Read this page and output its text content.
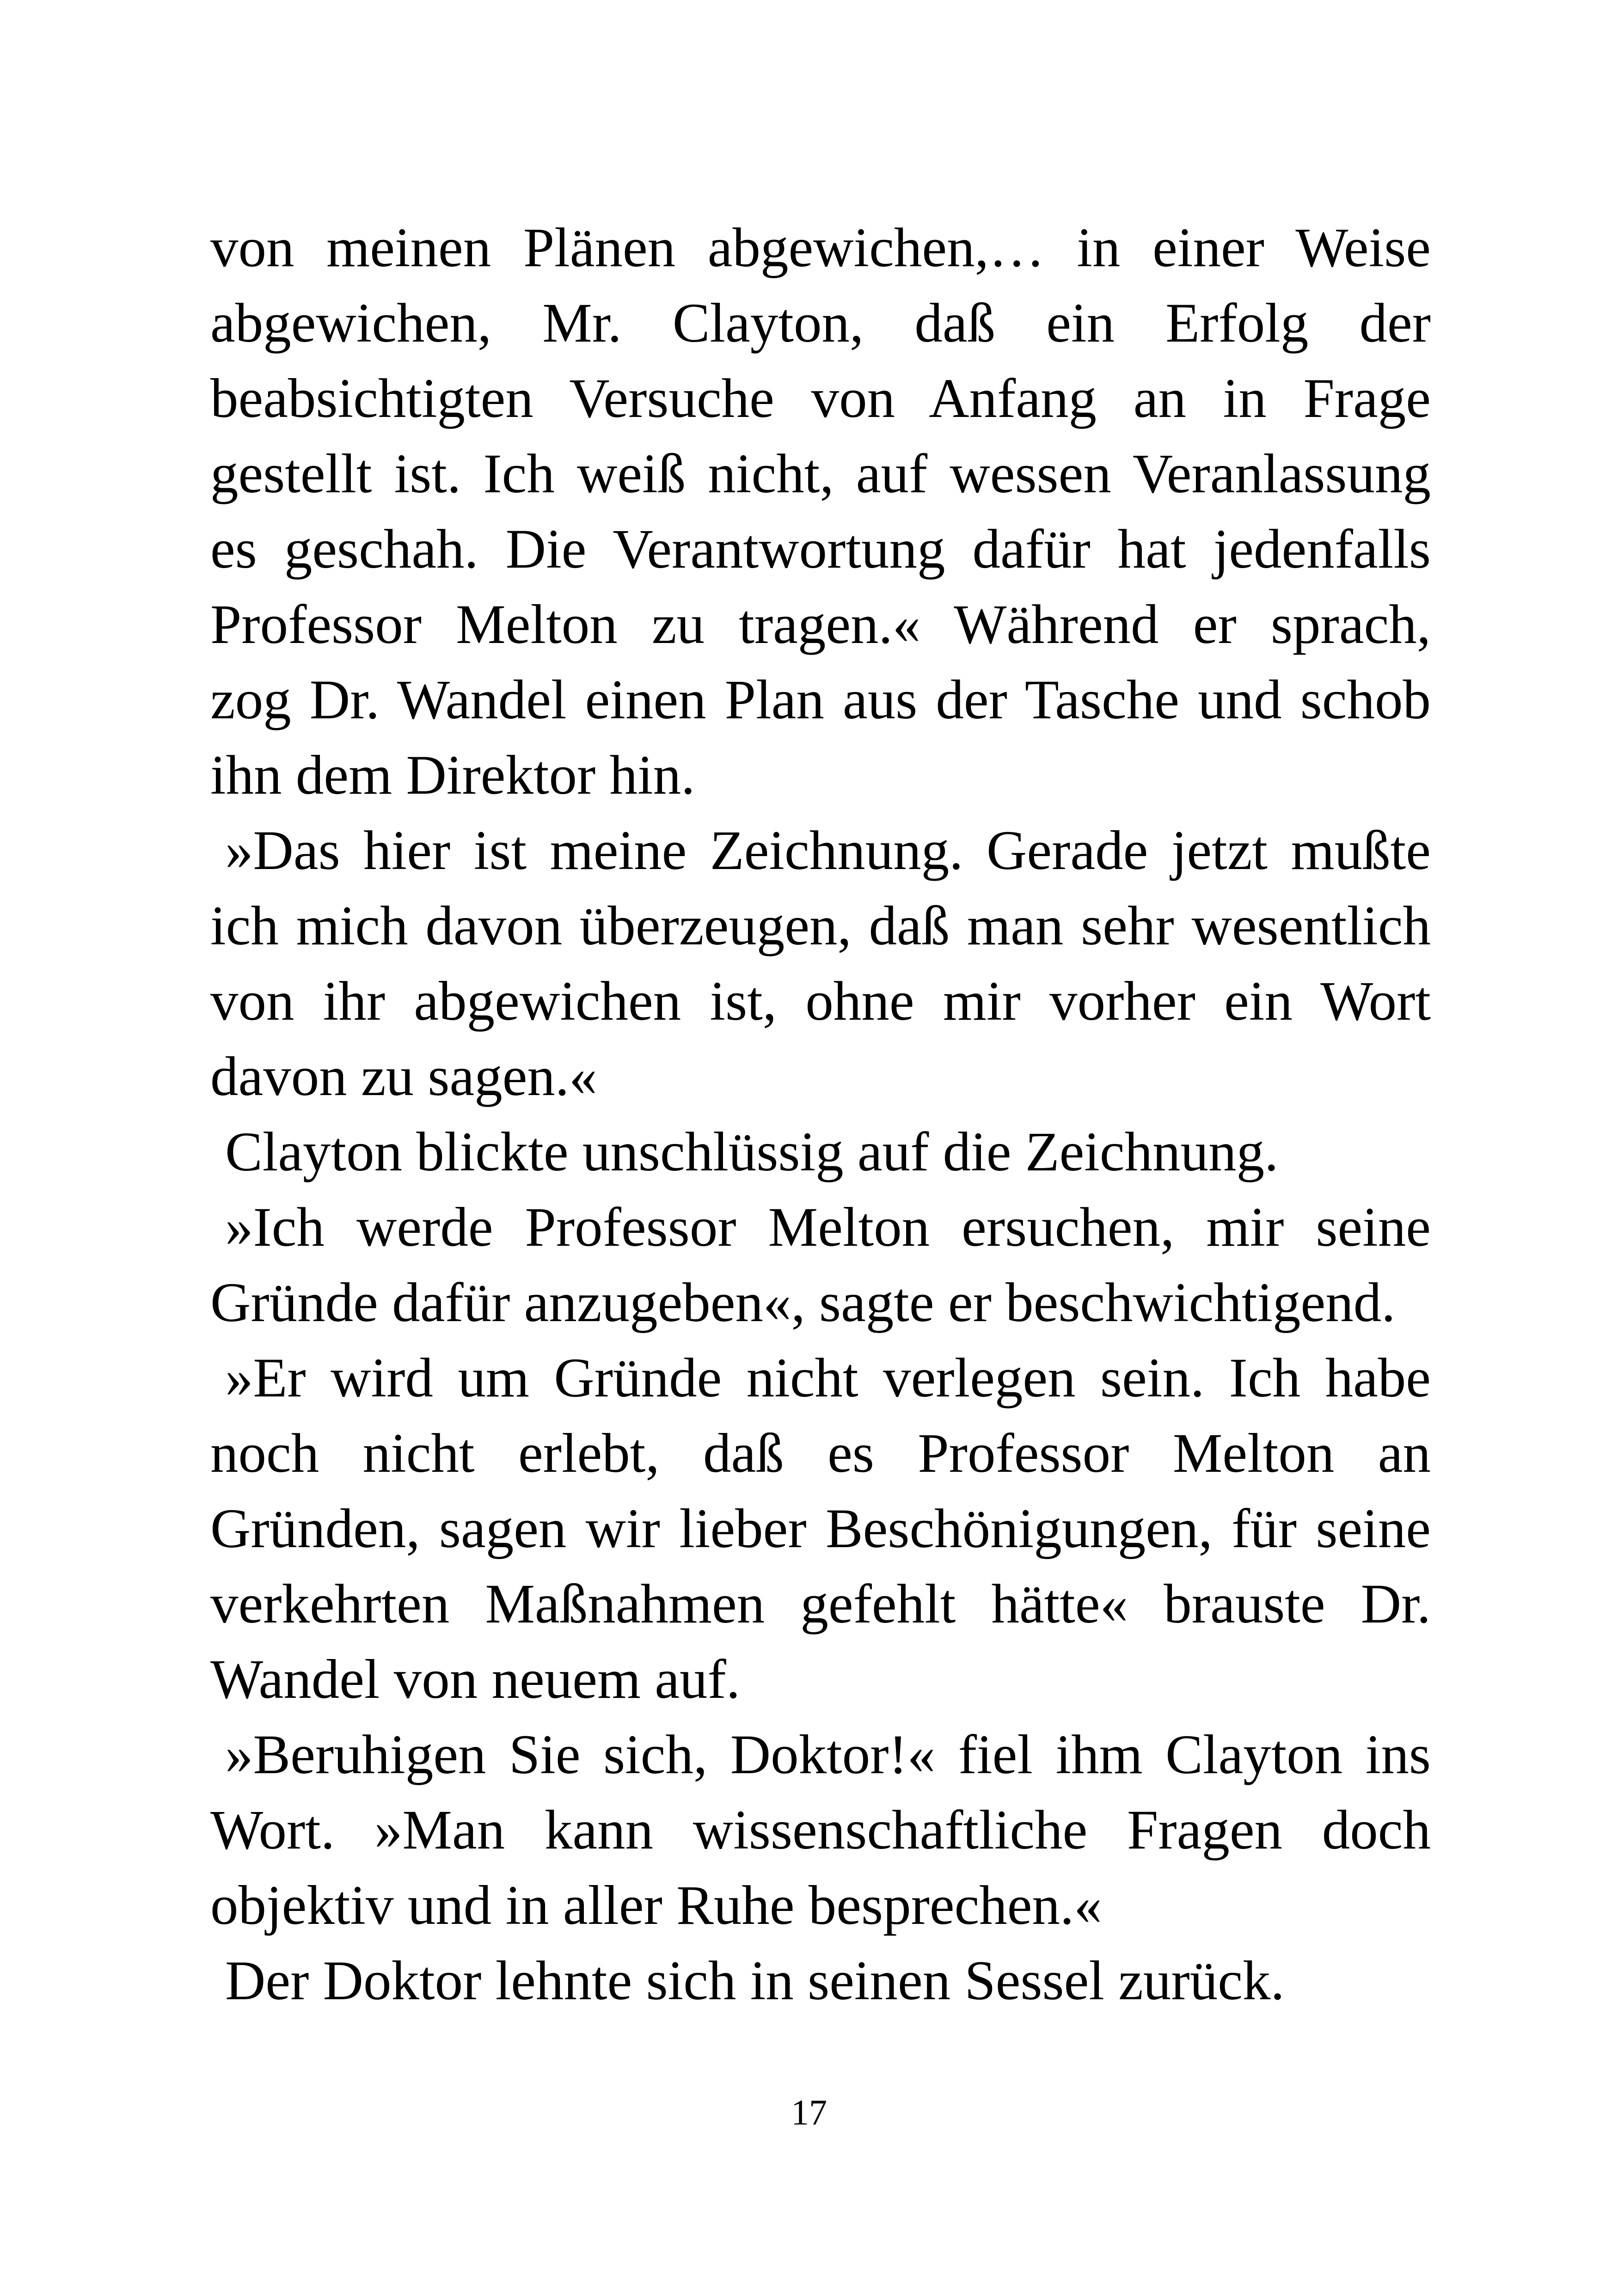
von meinen Plänen abgewichen,… in einer Weise
abgewichen, Mr. Clayton, daß ein Erfolg der
beabsichtigten Versuche von Anfang an in Frage
gestellt ist. Ich weiß nicht, auf wessen Veranlassung
es geschah. Die Verantwortung dafür hat jedenfalls
Professor Melton zu tragen.« Während er sprach,
zog Dr. Wandel einen Plan aus der Tasche und schob
ihn dem Direktor hin.
»Das hier ist meine Zeichnung. Gerade jetzt mußte
ich mich davon überzeugen, daß man sehr wesentlich
von ihr abgewichen ist, ohne mir vorher ein Wort
davon zu sagen.«
Clayton blickte unschlüssig auf die Zeichnung.
»Ich werde Professor Melton ersuchen, mir seine
Gründe dafür anzugeben«, sagte er beschwichtigend.
»Er wird um Gründe nicht verlegen sein. Ich habe
noch nicht erlebt, daß es Professor Melton an
Gründen, sagen wir lieber Beschönigungen, für seine
verkehrten Maßnahmen gefehlt hätte« brauste Dr.
Wandel von neuem auf.
»Beruhigen Sie sich, Doktor!« fiel ihm Clayton ins
Wort. »Man kann wissenschaftliche Fragen doch
objektiv und in aller Ruhe besprechen.«
Der Doktor lehnte sich in seinen Sessel zurück.
17
